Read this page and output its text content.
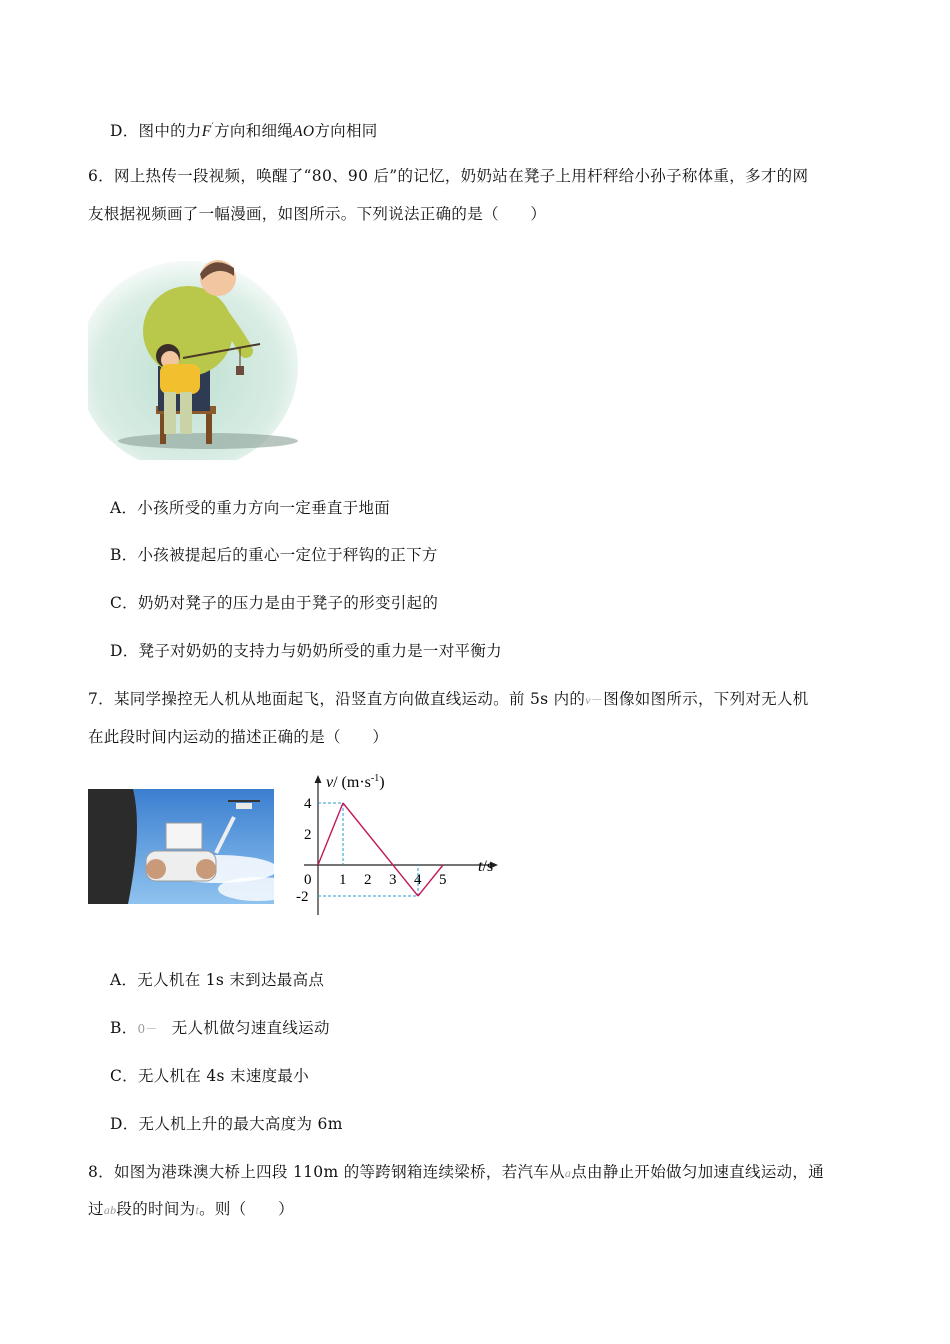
D．图中的力F′方向和细绳AO方向相同
6．网上热传一段视频，唤醒了“80、90 后”的记忆，奶奶站在凳子上用杆秤给小孙子称体重，多才的网
友根据视频画了一幅漫画，如图所示。下列说法正确的是（　　）
A．小孩所受的重力方向一定垂直于地面
B．小孩被提起后的重心一定位于秤钩的正下方
C．奶奶对凳子的压力是由于凳子的形变引起的
D．凳子对奶奶的支持力与奶奶所受的重力是一对平衡力
7．某同学操控无人机从地面起飞，沿竖直方向做直线运动。前 5s 内的v－图像如图所示，下列对无人机
在此段时间内运动的描述正确的是（　　）
v/ $(m\cdot s^{-1})$
t/s
0 1 2 3 4 5
4
2
-2
A．无人机在 1s 末到达最高点
B．0－ 无人机做匀速直线运动
C．无人机在 4s 末速度最小
D．无人机上升的最大高度为 6m
8．如图为港珠澳大桥上四段 110m 的等跨钢箱连续梁桥，若汽车从a点由静止开始做匀加速直线运动，通
过ab段的时间为t。则（　　）
